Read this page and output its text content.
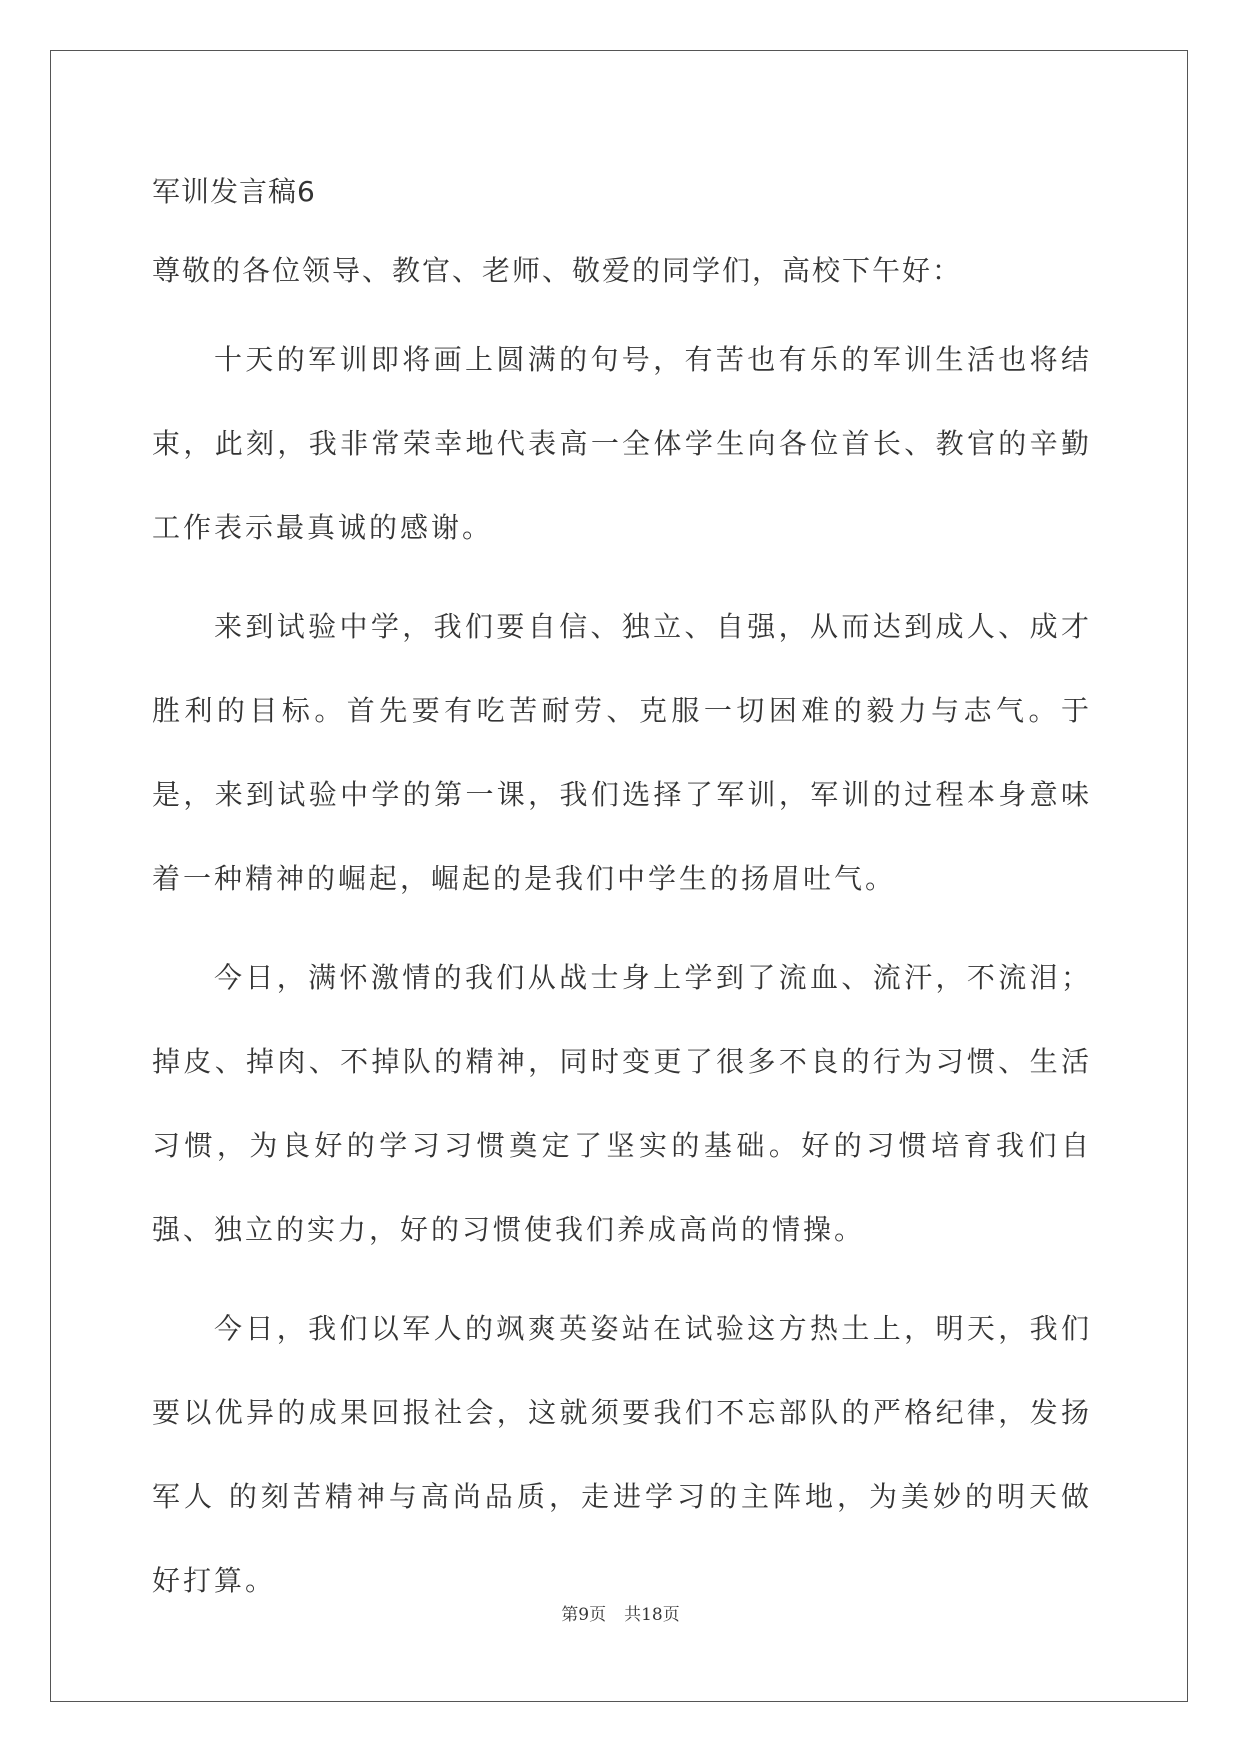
军训发言稿6

尊敬的各位领导、教官、老师、敬爱的同学们，高校下午好：

十天的军训即将画上圆满的句号，有苦也有乐的军训生活也将结束，此刻，我非常荣幸地代表高一全体学生向各位首长、教官的辛勤工作表示最真诚的感谢。

来到试验中学，我们要自信、独立、自强，从而达到成人、成才胜利的目标。首先要有吃苦耐劳、克服一切困难的毅力与志气。于是，来到试验中学的第一课，我们选择了军训，军训的过程本身意味着一种精神的崛起，崛起的是我们中学生的扬眉吐气。

今日，满怀激情的我们从战士身上学到了流血、流汗，不流泪；掉皮、掉肉、不掉队的精神，同时变更了很多不良的行为习惯、生活习惯，为良好的学习习惯奠定了坚实的基础。好的习惯培育我们自强、独立的实力，好的习惯使我们养成高尚的情操。

今日，我们以军人的飒爽英姿站在试验这方热土上，明天，我们要以优异的成果回报社会，这就须要我们不忘部队的严格纪律，发扬军人 的刻苦精神与高尚品质，走进学习的主阵地，为美妙的明天做好打算。

第9页 共18页
